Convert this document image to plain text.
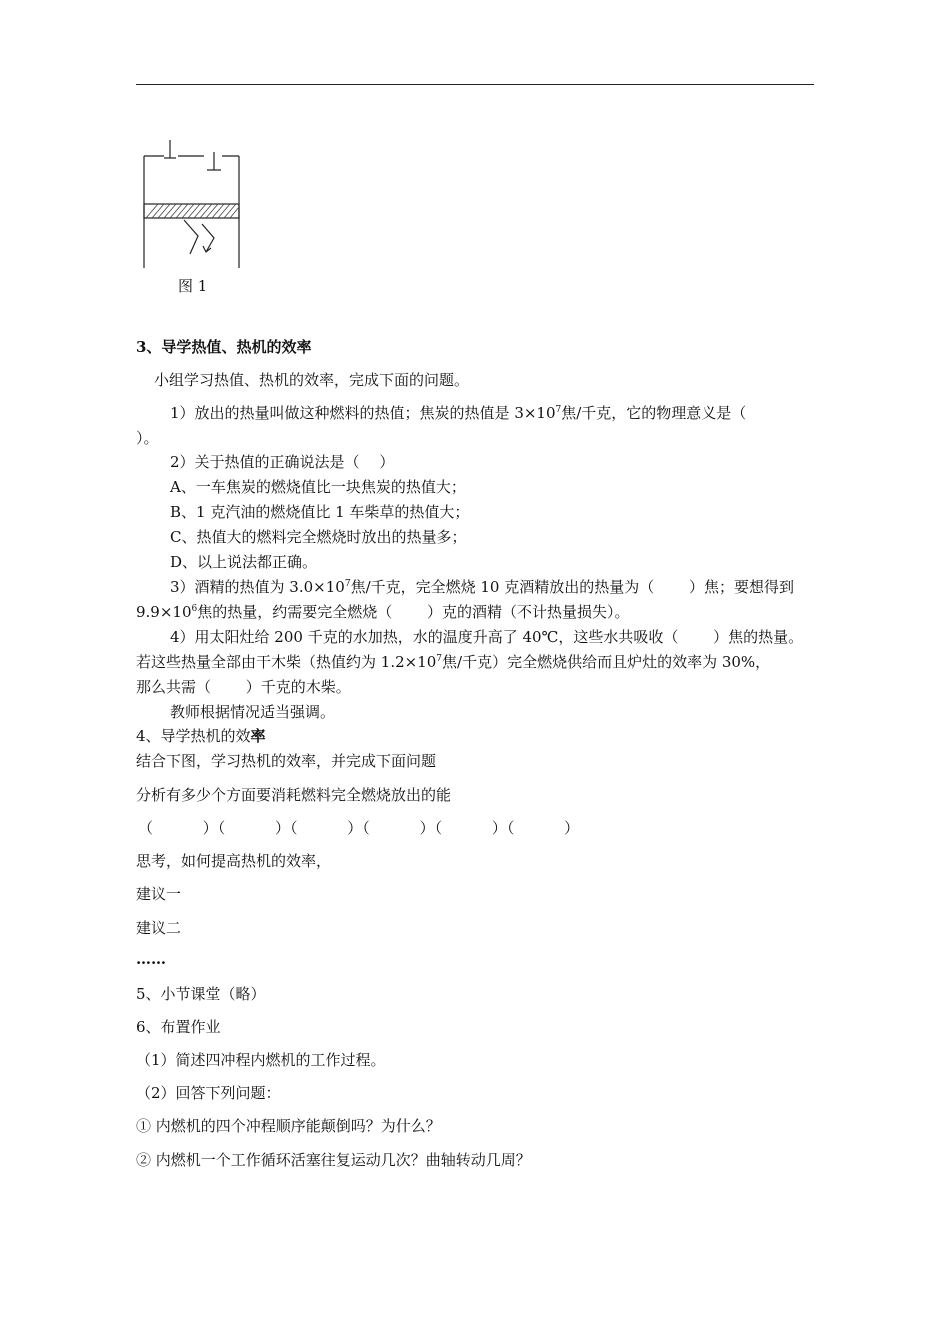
图 1
3、导学热值、热机的效率
小组学习热值、热机的效率，完成下面的问题。
1）放出的热量叫做这种燃料的热值；焦炭的热值是 $3\times 10^7$焦/千克，它的物理意义是（
）。
2）关于热值的正确说法是（　 ）
A、一车焦炭的燃烧值比一块焦炭的热值大；
B、1 克汽油的燃烧值比 1 车柴草的热值大；
C、热值大的燃料完全燃烧时放出的热量多；
D、以上说法都正确。
3）酒精的热值为 $3.0\times 10^7$焦/千克，完全燃烧 10 克酒精放出的热量为（　　 ）焦；要想得到
$9.9\times 10^6$焦的热量，约需要完全燃烧（　　 ）克的酒精（不计热量损失）。
4）用太阳灶给 200 千克的水加热，水的温度升高了 40℃，这些水共吸收（　　 ）焦的热量。
若这些热量全部由干木柴（热值约为 $1.2\times 10^7$焦/千克）完全燃烧供给而且炉灶的效率为 30%，
那么共需（　　 ）千克的木柴。
教师根据情况适当强调。
4、导学热机的效率
结合下图，学习热机的效率，并完成下面问题
分析有多少个方面要消耗燃料完全燃烧放出的能
（　　　 ）（　　　 ）（　　　 ）（　　　 ）（　　　 ）（　　　 ）
思考，如何提高热机的效率，
建议一
建议二
……
5、小节课堂（略）
6、布置作业
（1）简述四冲程内燃机的工作过程。
（2）回答下列问题：
① 内燃机的四个冲程顺序能颠倒吗？为什么？
② 内燃机一个工作循环活塞往复运动几次？曲轴转动几周？
